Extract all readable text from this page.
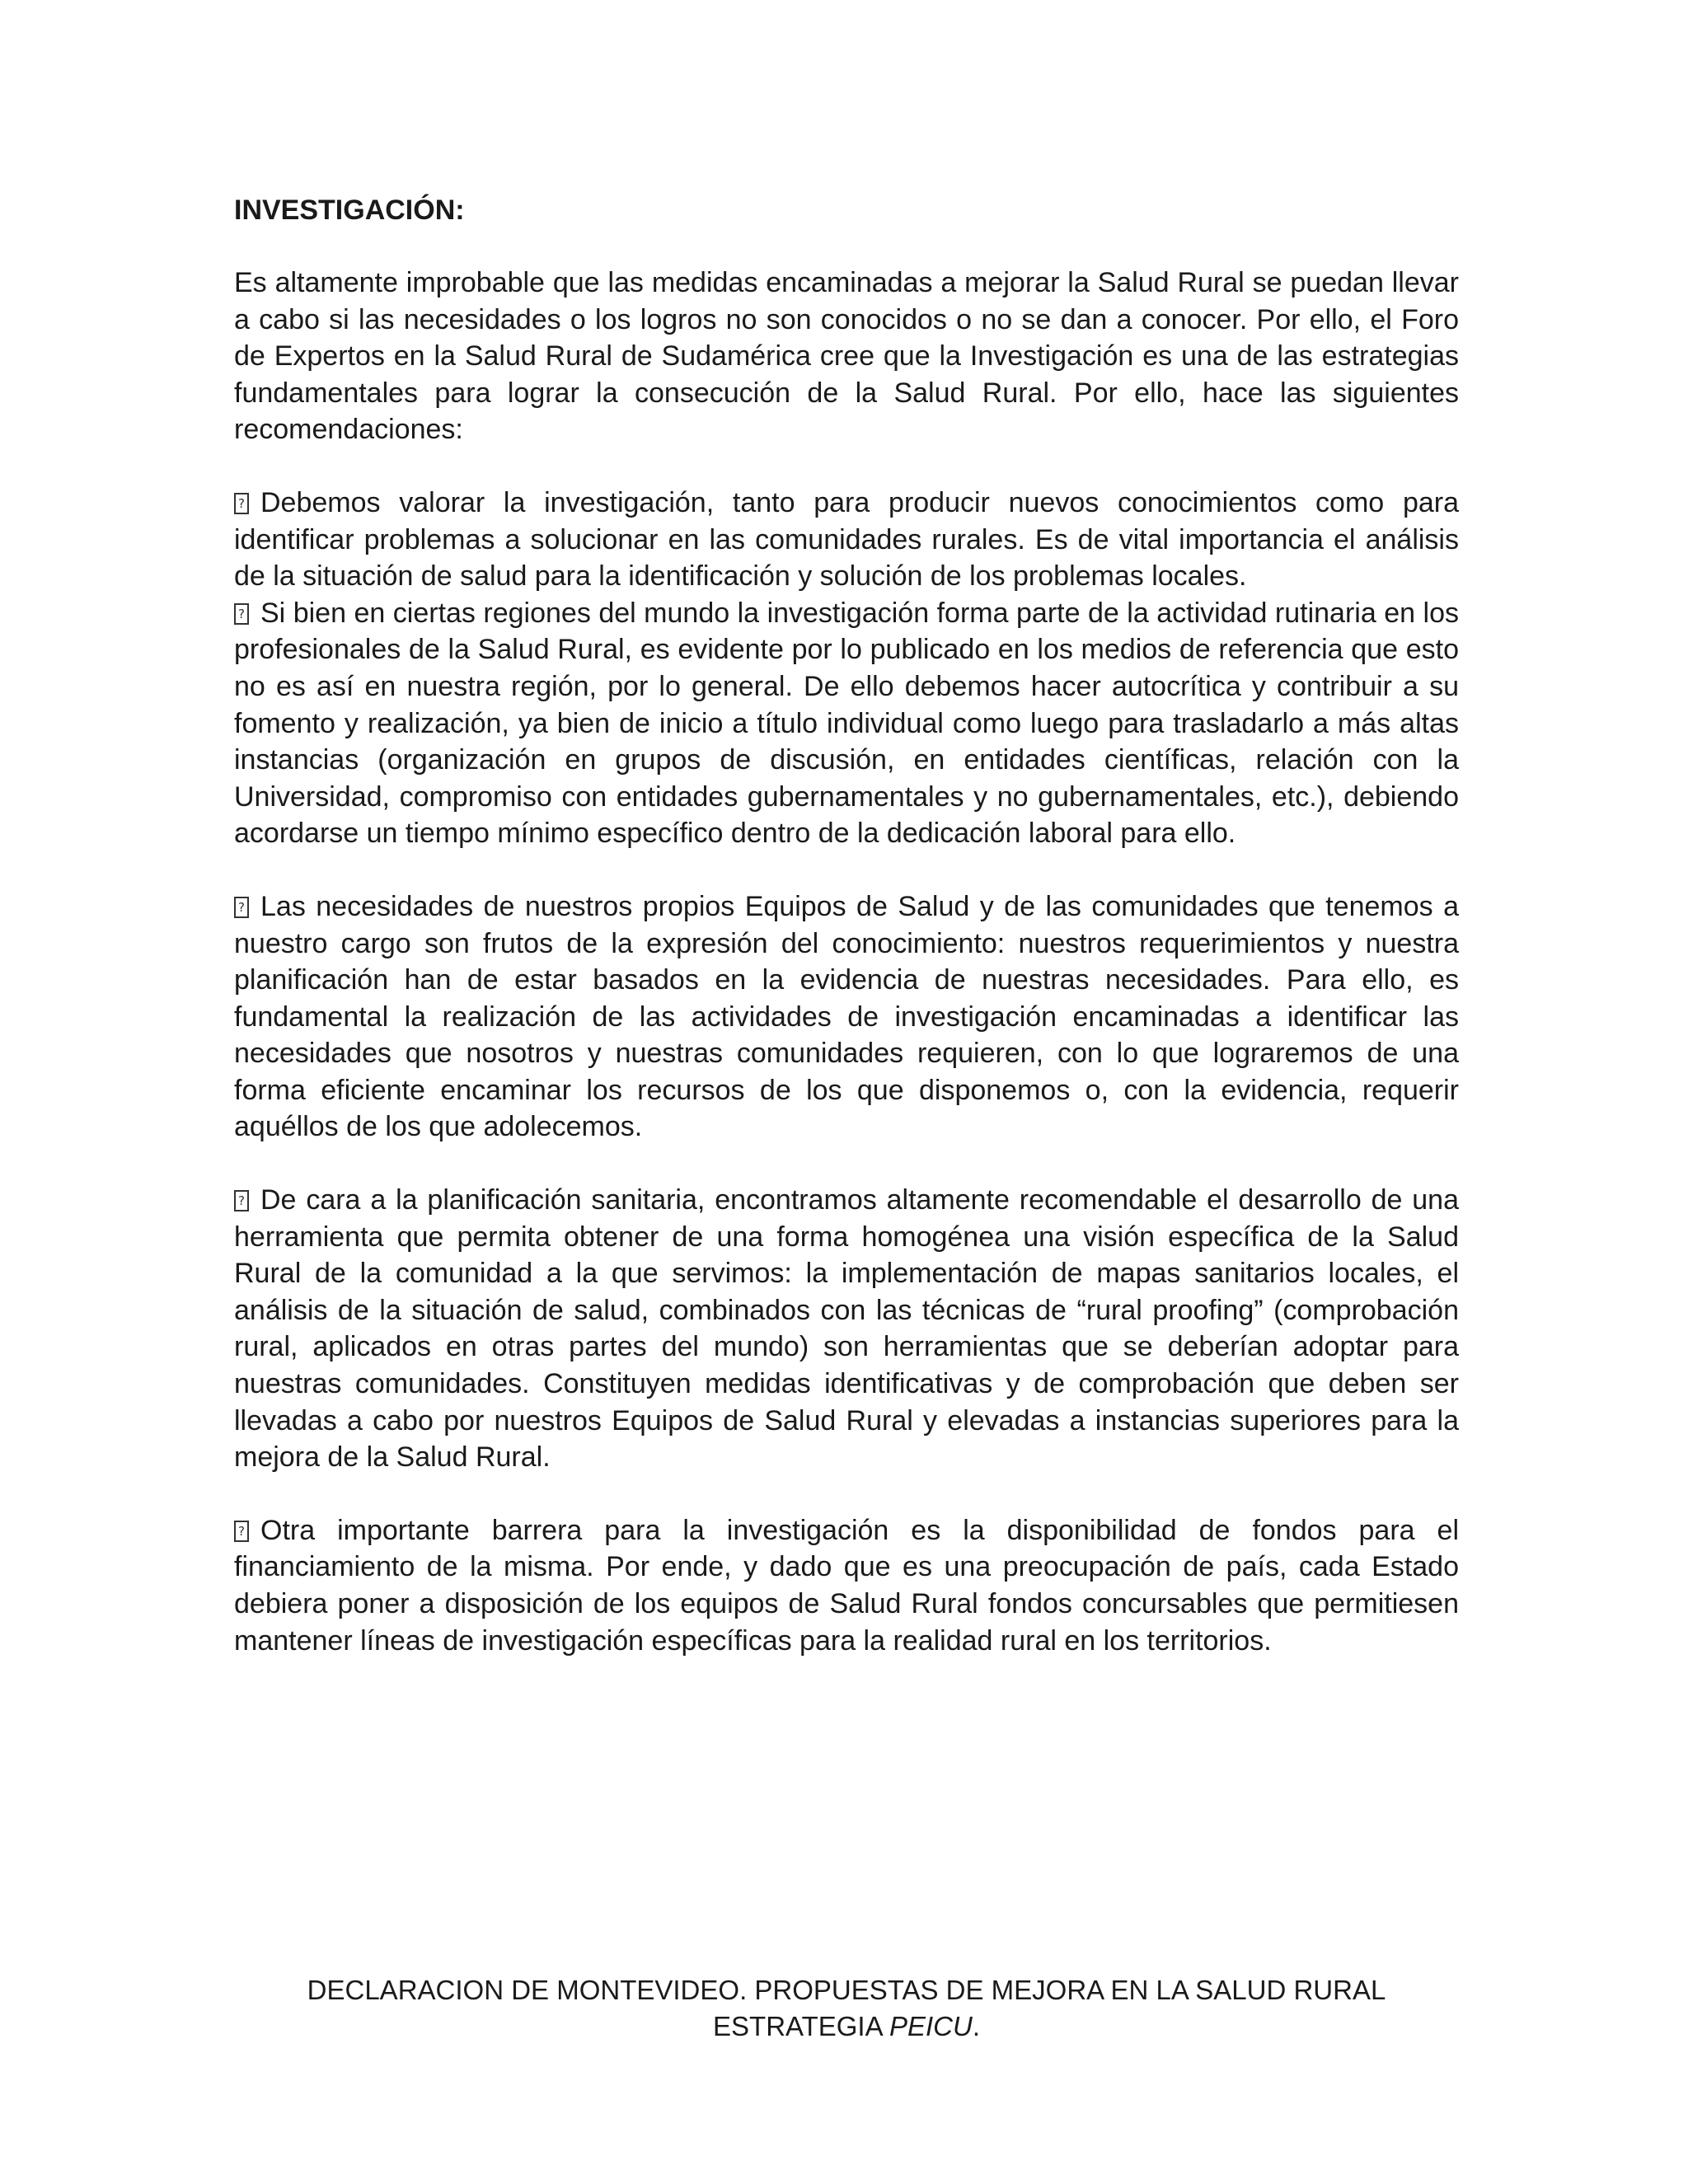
INVESTIGACIÓN:

Es altamente improbable que las medidas encaminadas a mejorar la Salud Rural se puedan llevar a cabo si las necesidades o los logros no son conocidos o no se dan a conocer. Por ello, el Foro de Expertos en la Salud Rural de Sudamérica cree que la Investigación es una de las estrategias fundamentales para lograr la consecución de la Salud Rural. Por ello, hace las siguientes recomendaciones:

?Debemos valorar la investigación, tanto para producir nuevos conocimientos como para identificar problemas a solucionar en las comunidades rurales. Es de vital importancia el análisis de la situación de salud para la identificación y solución de los problemas locales.

?Si bien en ciertas regiones del mundo la investigación forma parte de la actividad rutinaria en los profesionales de la Salud Rural, es evidente por lo publicado en los medios de referencia que esto no es así en nuestra región, por lo general. De ello debemos hacer autocrítica y contribuir a su fomento y realización, ya bien de inicio a título individual como luego para trasladarlo a más altas instancias (organización en grupos de discusión, en entidades científicas, relación con la Universidad, compromiso con entidades gubernamentales y no gubernamentales, etc.), debiendo acordarse un tiempo mínimo específico dentro de la dedicación laboral para ello.

?Las necesidades de nuestros propios Equipos de Salud y de las comunidades que tenemos a nuestro cargo son frutos de la expresión del conocimiento: nuestros requerimientos y nuestra planificación han de estar basados en la evidencia de nuestras necesidades. Para ello, es fundamental la realización de las actividades de investigación encaminadas a identificar las necesidades que nosotros y nuestras comunidades requieren, con lo que lograremos de una forma eficiente encaminar los recursos de los que disponemos o, con la evidencia, requerir aquéllos de los que adolecemos.

?De cara a la planificación sanitaria, encontramos altamente recomendable el desarrollo de una herramienta que permita obtener de una forma homogénea una visión específica de la Salud Rural de la comunidad a la que servimos: la implementación de mapas sanitarios locales, el análisis de la situación de salud, combinados con las técnicas de “rural proofing” (comprobación rural, aplicados en otras partes del mundo) son herramientas que se deberían adoptar para nuestras comunidades. Constituyen medidas identificativas y de comprobación que deben ser llevadas a cabo por nuestros Equipos de Salud Rural y elevadas a instancias superiores para la mejora de la Salud Rural.

?Otra importante barrera para la investigación es la disponibilidad de fondos para el financiamiento de la misma. Por ende, y dado que es una preocupación de país, cada Estado debiera poner a disposición de los equipos de Salud Rural fondos concursables que permitiesen mantener líneas de investigación específicas para la realidad rural en los territorios.

DECLARACION DE MONTEVIDEO. PROPUESTAS DE MEJORA EN LA SALUD RURAL
ESTRATEGIA PEICU.
